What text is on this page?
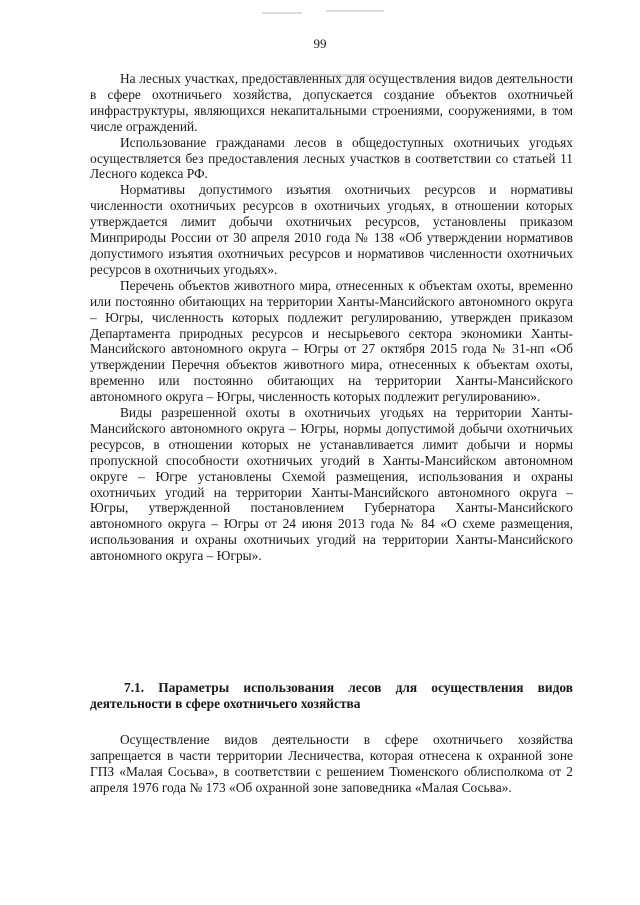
99

На лесных участках, предоставленных для осуществления видов деятельности в сфере охотничьего хозяйства, допускается создание объектов охотничьей инфраструктуры, являющихся некапитальными строениями, сооружениями, в том числе ограждений.

Использование гражданами лесов в общедоступных охотничьих угодьях осуществляется без предоставления лесных участков в соответствии со статьей 11 Лесного кодекса РФ.

Нормативы допустимого изъятия охотничьих ресурсов и нормативы численности охотничьих ресурсов в охотничьих угодьях, в отношении которых утверждается лимит добычи охотничьих ресурсов, установлены приказом Минприроды России от 30 апреля 2010 года № 138 «Об утверждении нормативов допустимого изъятия охотничьих ресурсов и нормативов численности охотничьих ресурсов в охотничьих угодьях».

Перечень объектов животного мира, отнесенных к объектам охоты, временно или постоянно обитающих на территории Ханты-Мансийского автономного округа – Югры, численность которых подлежит регулированию, утвержден приказом Департамента природных ресурсов и несырьевого сектора экономики Ханты-Мансийского автономного округа – Югры от 27 октября 2015 года № 31-нп «Об утверждении Перечня объектов животного мира, отнесенных к объектам охоты, временно или постоянно обитающих на территории Ханты-Мансийского автономного округа – Югры, численность которых подлежит регулированию».

Виды разрешенной охоты в охотничьих угодьях на территории Ханты-Мансийского автономного округа – Югры, нормы допустимой добычи охотничьих ресурсов, в отношении которых не устанавливается лимит добычи и нормы пропускной способности охотничьих угодий в Ханты-Мансийском автономном округе – Югре установлены Схемой размещения, использования и охраны охотничьих угодий на территории Ханты-Мансийского автономного округа – Югры, утвержденной постановлением Губернатора Ханты-Мансийского автономного округа – Югры от 24 июня 2013 года № 84 «О схеме размещения, использования и охраны охотничьих угодий на территории Ханты-Мансийского автономного округа – Югры».

7.1. Параметры использования лесов для осуществления видов деятельности в сфере охотничьего хозяйства

Осуществление видов деятельности в сфере охотничьего хозяйства запрещается в части территории Лесничества, которая отнесена к охранной зоне ГПЗ «Малая Сосьва», в соответствии с решением Тюменского облисполкома от 2 апреля 1976 года № 173 «Об охранной зоне заповедника «Малая Сосьва».
